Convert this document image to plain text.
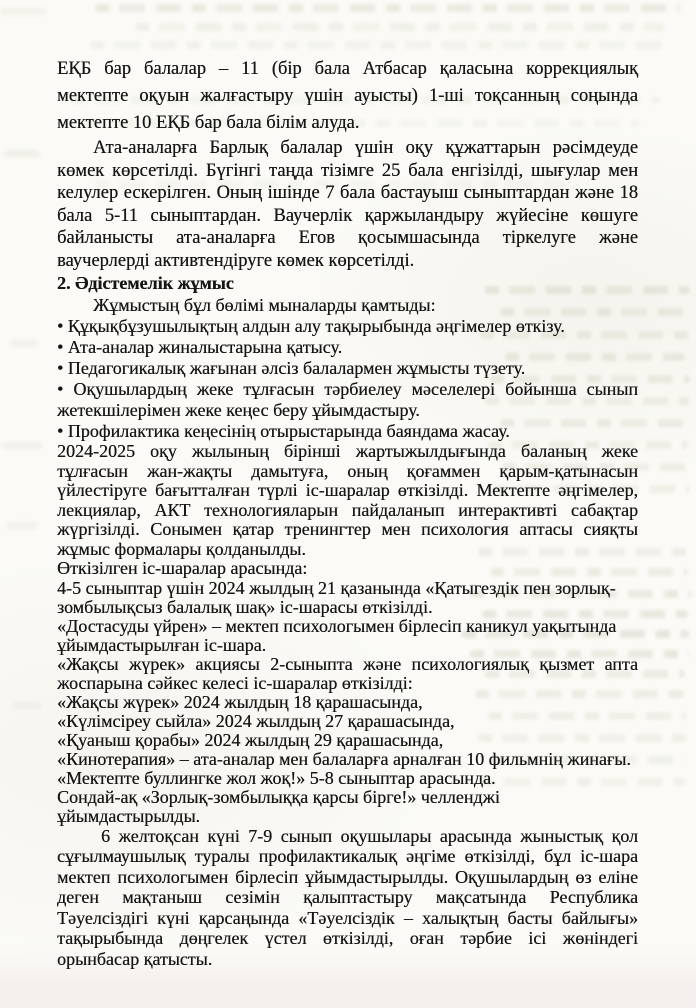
ЕҚБ бар балалар – 11 (бір бала Атбасар қаласына коррекциялық мектепте оқуын жалғастыру үшін ауысты) 1-ші тоқсанның соңында мектепте 10 ЕҚБ бар бала білім алуда.

Ата-аналарға Барлық балалар үшін оқу құжаттарын рәсімдеуде көмек көрсетілді. Бүгінгі таңда тізімге 25 бала енгізілді, шығулар мен келулер ескерілген. Оның ішінде 7 бала бастауыш сыныптардан және 18 бала 5-11 сыныптардан. Ваучерлік қаржыландыру жүйесіне көшуге байланысты ата-аналарға Егов қосымшасында тіркелуге және ваучерлерді активтендіруге көмек көрсетілді.

2. Әдістемелік жұмыс

Жұмыстың бұл бөлімі мыналарды қамтыды:

• Құқықбұзушылықтың алдын алу тақырыбында әңгімелер өткізу.

• Ата-аналар жиналыстарына қатысу.

• Педагогикалық жағынан әлсіз балалармен жұмысты түзету.

• Оқушылардың жеке тұлғасын тәрбиелеу мәселелері бойынша сынып жетекшілерімен жеке кеңес беру ұйымдастыру.

• Профилактика кеңесінің отырыстарында баяндама жасау.

2024-2025 оқу жылының бірінші жартыжылдығында баланың жеке тұлғасын жан-жақты дамытуға, оның қоғаммен қарым-қатынасын үйлестіруге бағытталған түрлі іс-шаралар өткізілді. Мектепте әңгімелер, лекциялар, АКТ технологияларын пайдаланып интерактивті сабақтар жүргізілді. Сонымен қатар тренингтер мен психология аптасы сияқты жұмыс формалары қолданылды.

Өткізілген іс-шаралар арасында:

4-5 сыныптар үшін 2024 жылдың 21 қазанында «Қатыгездік пен зорлық-зомбылықсыз балалық шақ» іс-шарасы өткізілді.

«Достасуды үйрен» – мектеп психологымен бірлесіп каникул уақытында ұйымдастырылған іс-шара.

«Жақсы жүрек» акциясы 2-сыныпта және психологиялық қызмет апта жоспарына сәйкес келесі іс-шаралар өткізілді:

«Жақсы жүрек» 2024 жылдың 18 қарашасында,

«Күлімсіреу сыйла» 2024 жылдың 27 қарашасында,

«Қуаныш қорабы» 2024 жылдың 29 қарашасында,

«Кинотерапия» – ата-аналар мен балаларға арналған 10 фильмнің жинағы.

«Мектепте буллингке жол жоқ!» 5-8 сыныптар арасында.

Сондай-ақ «Зорлық-зомбылыққа қарсы бірге!» челленджі ұйымдастырылды.

6 желтоқсан күні 7-9 сынып оқушылары арасында жыныстық қол сұғылмаушылық туралы профилактикалық әңгіме өткізілді, бұл іс-шара мектеп психологымен бірлесіп ұйымдастырылды. Оқушылардың өз еліне деген мақтаныш сезімін қалыптастыру мақсатында Республика Тәуелсіздігі күні қарсаңында «Тәуелсіздік – халықтың басты байлығы» тақырыбында дөңгелек үстел өткізілді, оған тәрбие ісі жөніндегі орынбасар қатысты.
